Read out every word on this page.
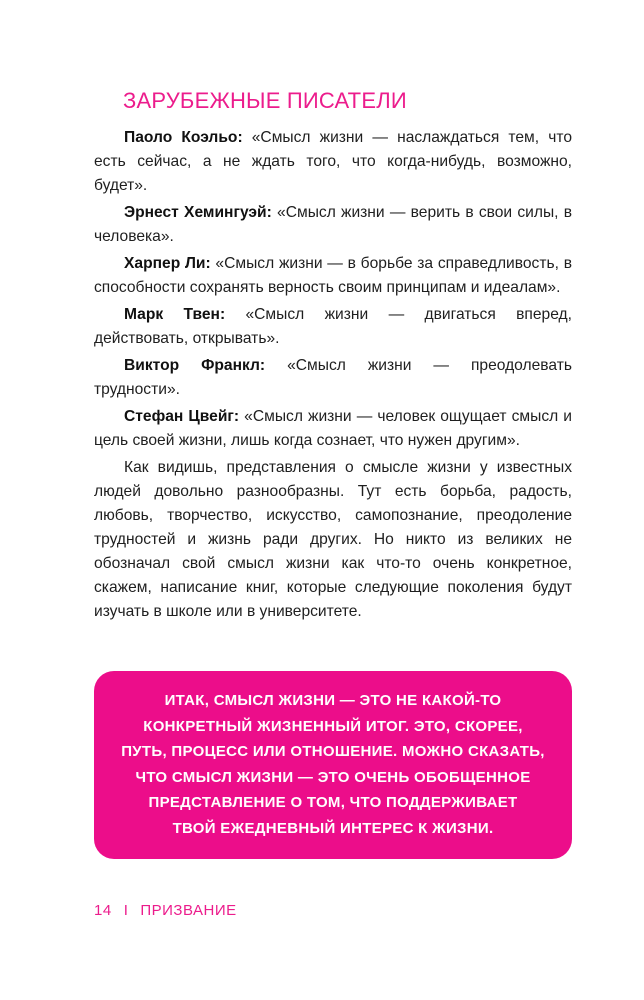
ЗАРУБЕЖНЫЕ ПИСАТЕЛИ

Паоло Коэльо: «Смысл жизни — наслаждаться тем, что есть сейчас, а не ждать того, что когда-нибудь, возможно, будет».

Эрнест Хемингуэй: «Смысл жизни — верить в свои силы, в человека».

Харпер Ли: «Смысл жизни — в борьбе за справедливость, в способности сохранять верность своим принципам и идеалам».

Марк Твен: «Смысл жизни — двигаться вперед, действовать, открывать».

Виктор Франкл: «Смысл жизни — преодолевать трудности».

Стефан Цвейг: «Смысл жизни — человек ощущает смысл и цель своей жизни, лишь когда сознает, что нужен другим».

Как видишь, представления о смысле жизни у известных людей довольно разнообразны. Тут есть борьба, радость, любовь, творчество, искусство, самопознание, преодоление трудностей и жизнь ради других. Но никто из великих не обозначал свой смысл жизни как что-то очень конкретное, скажем, написание книг, которые следующие поколения будут изучать в школе или в университете.

ИТАК, СМЫСЛ ЖИЗНИ — ЭТО НЕ КАКОЙ-ТО
КОНКРЕТНЫЙ ЖИЗНЕННЫЙ ИТОГ. ЭТО, СКОРЕЕ,
ПУТЬ, ПРОЦЕСС ИЛИ ОТНОШЕНИЕ. МОЖНО СКАЗАТЬ,
ЧТО СМЫСЛ ЖИЗНИ — ЭТО ОЧЕНЬ ОБОБЩЕННОЕ
ПРЕДСТАВЛЕНИЕ О ТОМ, ЧТО ПОДДЕРЖИВАЕТ
ТВОЙ ЕЖЕДНЕВНЫЙ ИНТЕРЕС К ЖИЗНИ.
14 I ПРИЗВАНИЕ
